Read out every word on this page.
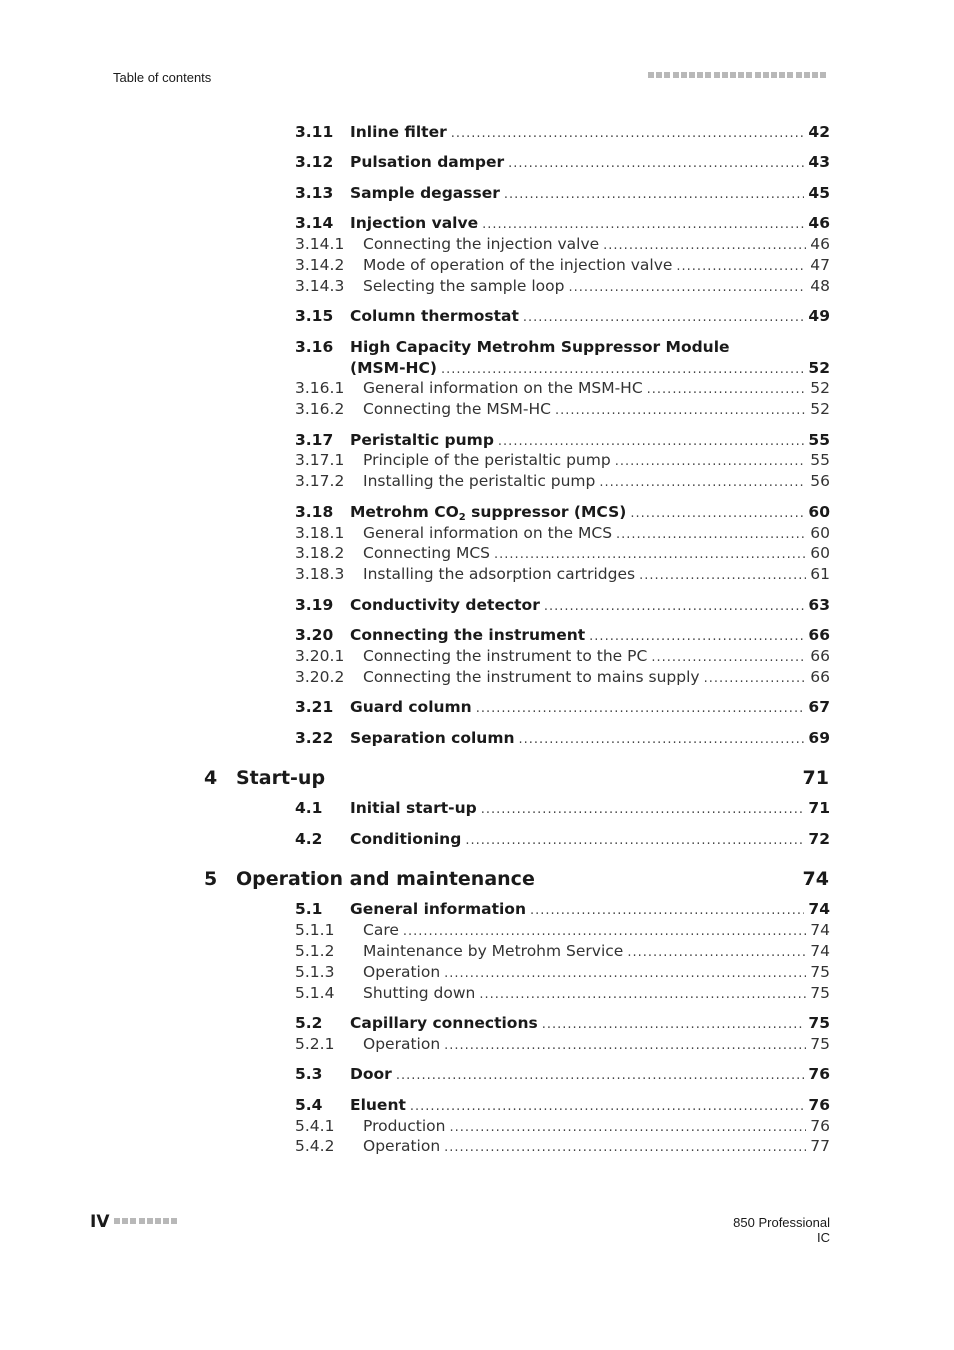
Table of contents
3.11 Inline filter .....	42
3.12 Pulsation damper .....	43
3.13 Sample degasser .....	45
3.14 Injection valve .....	46
3.14.1 Connecting the injection valve .....	46
3.14.2 Mode of operation of the injection valve .....	47
3.14.3 Selecting the sample loop .....	48
3.15 Column thermostat .....	49
3.16 High Capacity Metrohm Suppressor Module
(MSM-HC) .....	52
3.16.1 General information on the MSM-HC .....	52
3.16.2 Connecting the MSM-HC .....	52
3.17 Peristaltic pump .....	55
3.17.1 Principle of the peristaltic pump .....	55
3.17.2 Installing the peristaltic pump .....	56
3.18 Metrohm $CO_2$ suppressor (MCS) .....	60
3.18.1 General information on the MCS .....	60
3.18.2 Connecting MCS .....	60
3.18.3 Installing the adsorption cartridges .....	61
3.19 Conductivity detector .....	63
3.20 Connecting the instrument .....	66
3.20.1 Connecting the instrument to the PC .....	66
3.20.2 Connecting the instrument to mains supply .....	66
3.21 Guard column .....	67
3.22 Separation column .....	69
4 Start-up	71
4.1 Initial start-up .....	71
4.2 Conditioning .....	72
5 Operation and maintenance	74
5.1 General information .....	74
5.1.1 Care .....	74
5.1.2 Maintenance by Metrohm Service .....	74
5.1.3 Operation .....	75
5.1.4 Shutting down .....	75
5.2 Capillary connections .....	75
5.2.1 Operation .....	75
5.3 Door .....	76
5.4 Eluent .....	76
5.4.1 Production .....	76
5.4.2 Operation .....	77
IV	850 Professional IC
